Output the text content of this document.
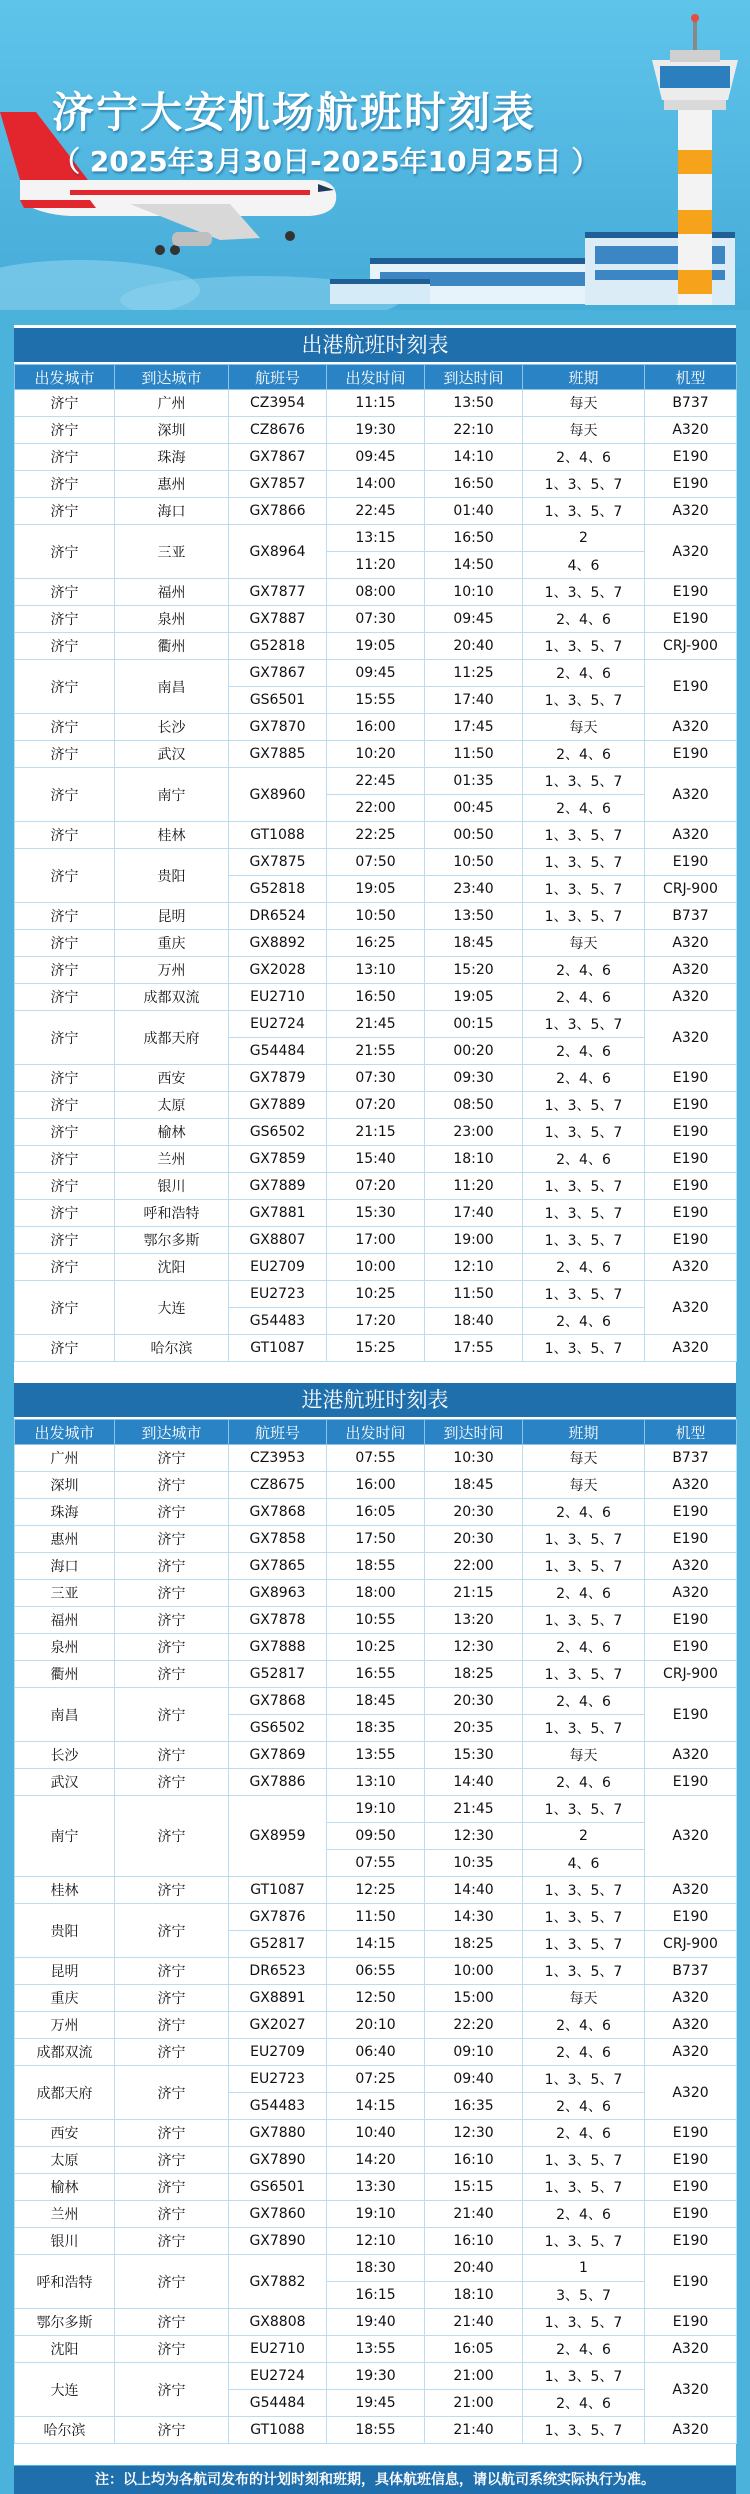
济宁大安机场航班时刻表
（ 2025年3月30日-2025年10月25日 ）
出港航班时刻表
出发城市	到达城市	航班号	出发时间	到达时间	班期	机型
济宁	广州	CZ3954	11:15	13:50	每天	B737
济宁	深圳	CZ8676	19:30	22:10	每天	A320
济宁	珠海	GX7867	09:45	14:10	2、4、6	E190
济宁	惠州	GX7857	14:00	16:50	1、3、5、7	E190
济宁	海口	GX7866	22:45	01:40	1、3、5、7	A320
济宁	三亚	GX8964	13:15	16:50	2	A320
			11:20	14:50	4、6	
济宁	福州	GX7877	08:00	10:10	1、3、5、7	E190
济宁	泉州	GX7887	07:30	09:45	2、4、6	E190
济宁	衢州	G52818	19:05	20:40	1、3、5、7	CRJ-900
济宁	南昌	GX7867	09:45	11:25	2、4、6	E190
		GS6501	15:55	17:40	1、3、5、7	
济宁	长沙	GX7870	16:00	17:45	每天	A320
济宁	武汉	GX7885	10:20	11:50	2、4、6	E190
济宁	南宁	GX8960	22:45	01:35	1、3、5、7	A320
			22:00	00:45	2、4、6	
济宁	桂林	GT1088	22:25	00:50	1、3、5、7	A320
济宁	贵阳	GX7875	07:50	10:50	1、3、5、7	E190
		G52818	19:05	23:40	1、3、5、7	CRJ-900
济宁	昆明	DR6524	10:50	13:50	1、3、5、7	B737
济宁	重庆	GX8892	16:25	18:45	每天	A320
济宁	万州	GX2028	13:10	15:20	2、4、6	A320
济宁	成都双流	EU2710	16:50	19:05	2、4、6	A320
济宁	成都天府	EU2724	21:45	00:15	1、3、5、7	A320
		G54484	21:55	00:20	2、4、6	
济宁	西安	GX7879	07:30	09:30	2、4、6	E190
济宁	太原	GX7889	07:20	08:50	1、3、5、7	E190
济宁	榆林	GS6502	21:15	23:00	1、3、5、7	E190
济宁	兰州	GX7859	15:40	18:10	2、4、6	E190
济宁	银川	GX7889	07:20	11:20	1、3、5、7	E190
济宁	呼和浩特	GX7881	15:30	17:40	1、3、5、7	E190
济宁	鄂尔多斯	GX8807	17:00	19:00	1、3、5、7	E190
济宁	沈阳	EU2709	10:00	12:10	2、4、6	A320
济宁	大连	EU2723	10:25	11:50	1、3、5、7	A320
		G54483	17:20	18:40	2、4、6	
济宁	哈尔滨	GT1087	15:25	17:55	1、3、5、7	A320
进港航班时刻表
出发城市	到达城市	航班号	出发时间	到达时间	班期	机型
广州	济宁	CZ3953	07:55	10:30	每天	B737
深圳	济宁	CZ8675	16:00	18:45	每天	A320
珠海	济宁	GX7868	16:05	20:30	2、4、6	E190
惠州	济宁	GX7858	17:50	20:30	1、3、5、7	E190
海口	济宁	GX7865	18:55	22:00	1、3、5、7	A320
三亚	济宁	GX8963	18:00	21:15	2、4、6	A320
福州	济宁	GX7878	10:55	13:20	1、3、5、7	E190
泉州	济宁	GX7888	10:25	12:30	2、4、6	E190
衢州	济宁	G52817	16:55	18:25	1、3、5、7	CRJ-900
南昌	济宁	GX7868	18:45	20:30	2、4、6	E190
		GS6502	18:35	20:35	1、3、5、7	
长沙	济宁	GX7869	13:55	15:30	每天	A320
武汉	济宁	GX7886	13:10	14:40	2、4、6	E190
南宁	济宁	GX8959	19:10	21:45	1、3、5、7	A320
			09:50	12:30	2	
			07:55	10:35	4、6	
桂林	济宁	GT1087	12:25	14:40	1、3、5、7	A320
贵阳	济宁	GX7876	11:50	14:30	1、3、5、7	E190
		G52817	14:15	18:25	1、3、5、7	CRJ-900
昆明	济宁	DR6523	06:55	10:00	1、3、5、7	B737
重庆	济宁	GX8891	12:50	15:00	每天	A320
万州	济宁	GX2027	20:10	22:20	2、4、6	A320
成都双流	济宁	EU2709	06:40	09:10	2、4、6	A320
成都天府	济宁	EU2723	07:25	09:40	1、3、5、7	A320
		G54483	14:15	16:35	2、4、6	
西安	济宁	GX7880	10:40	12:30	2、4、6	E190
太原	济宁	GX7890	14:20	16:10	1、3、5、7	E190
榆林	济宁	GS6501	13:30	15:15	1、3、5、7	E190
兰州	济宁	GX7860	19:10	21:40	2、4、6	E190
银川	济宁	GX7890	12:10	16:10	1、3、5、7	E190
呼和浩特	济宁	GX7882	18:30	20:40	1	E190
			16:15	18:10	3、5、7	
鄂尔多斯	济宁	GX8808	19:40	21:40	1、3、5、7	E190
沈阳	济宁	EU2710	13:55	16:05	2、4、6	A320
大连	济宁	EU2724	19:30	21:00	1、3、5、7	A320
		G54484	19:45	21:00	2、4、6	
哈尔滨	济宁	GT1088	18:55	21:40	1、3、5、7	A320
注：以上均为各航司发布的计划时刻和班期，具体航班信息，请以航司系统实际执行为准。
